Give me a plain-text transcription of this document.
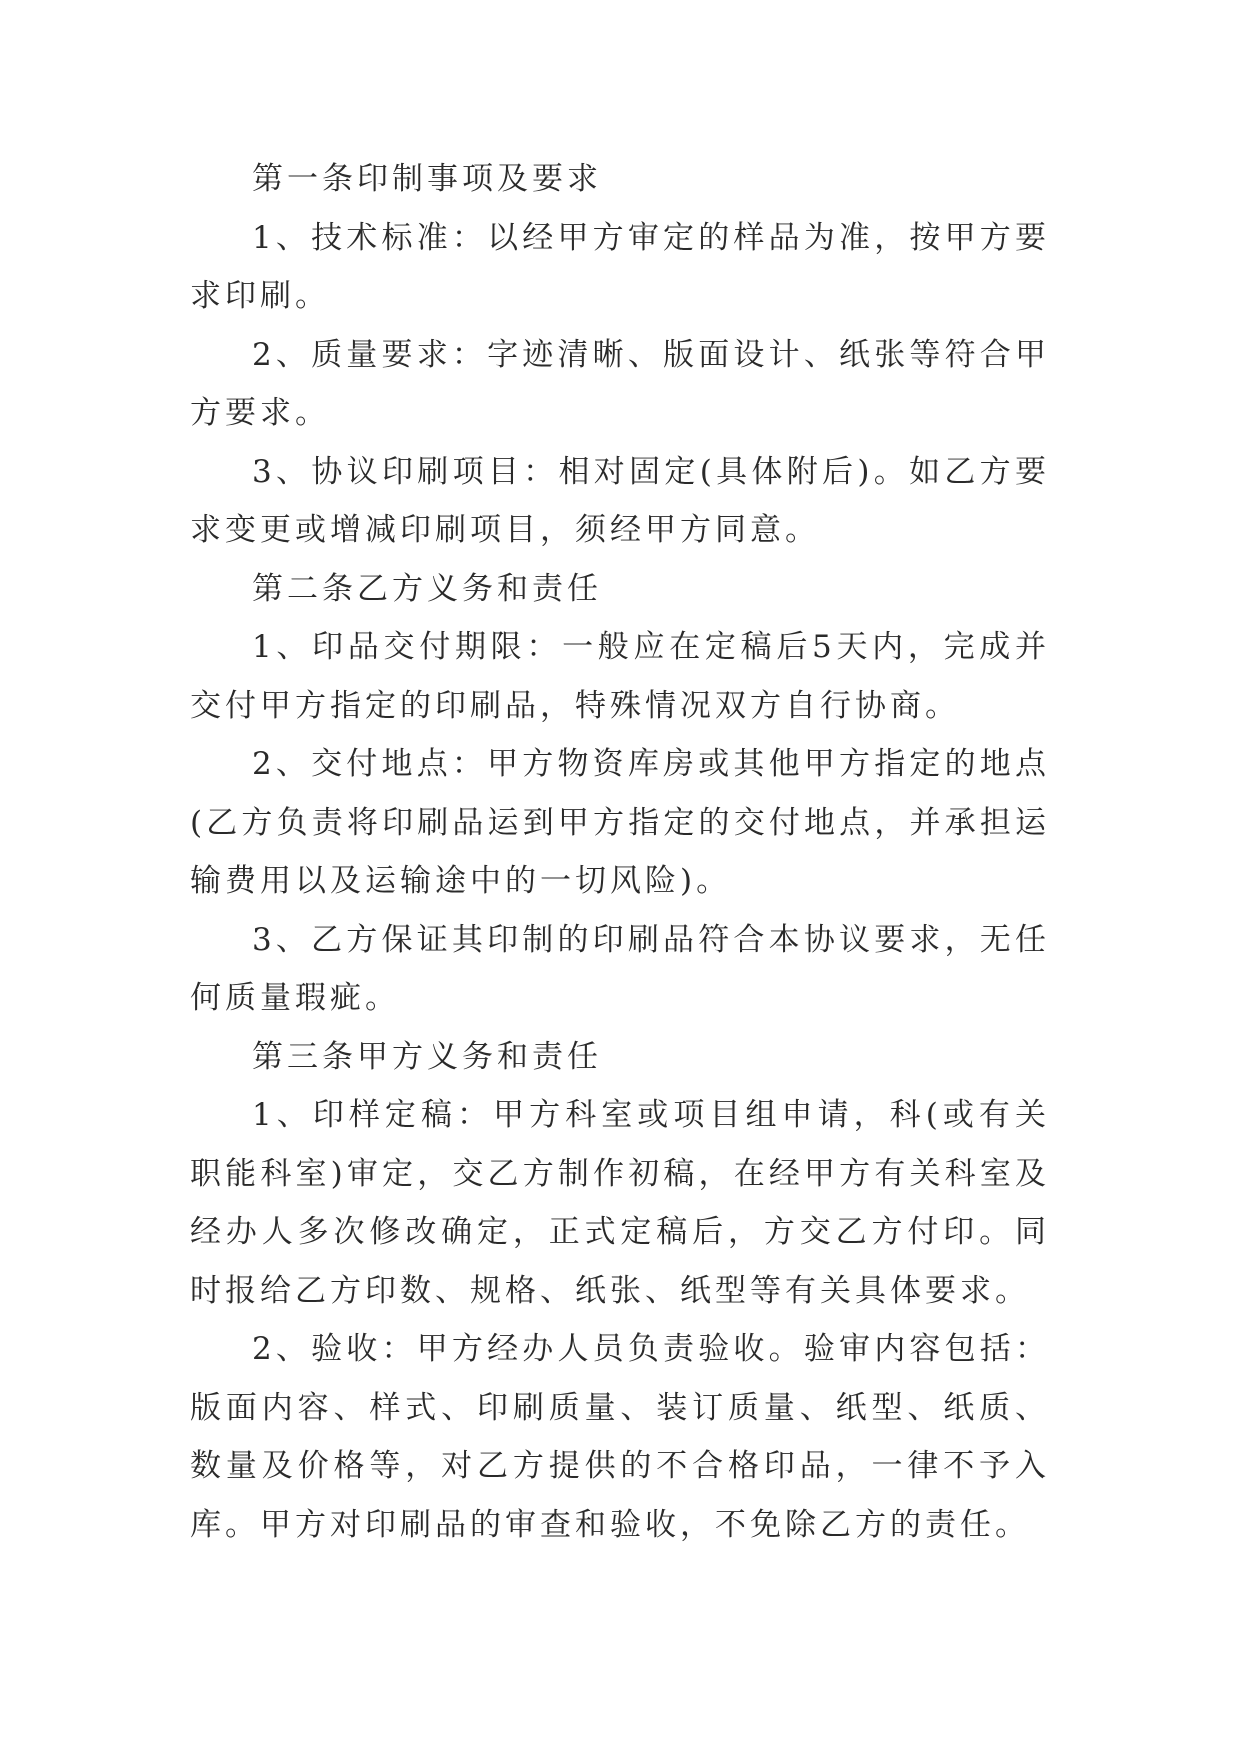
第一条印制事项及要求

1、技术标准：以经甲方审定的样品为准，按甲方要求印刷。

2、质量要求：字迹清晰、版面设计、纸张等符合甲方要求。

3、协议印刷项目：相对固定(具体附后)。如乙方要求变更或增减印刷项目，须经甲方同意。

第二条乙方义务和责任

1、印品交付期限：一般应在定稿后5天内，完成并交付甲方指定的印刷品，特殊情况双方自行协商。

2、交付地点：甲方物资库房或其他甲方指定的地点(乙方负责将印刷品运到甲方指定的交付地点，并承担运输费用以及运输途中的一切风险)。

3、乙方保证其印制的印刷品符合本协议要求，无任何质量瑕疵。

第三条甲方义务和责任

1、印样定稿：甲方科室或项目组申请，科(或有关职能科室)审定，交乙方制作初稿，在经甲方有关科室及经办人多次修改确定，正式定稿后，方交乙方付印。同时报给乙方印数、规格、纸张、纸型等有关具体要求。

2、验收：甲方经办人员负责验收。验审内容包括：版面内容、样式、印刷质量、装订质量、纸型、纸质、数量及价格等，对乙方提供的不合格印品，一律不予入库。甲方对印刷品的审查和验收，不免除乙方的责任。
